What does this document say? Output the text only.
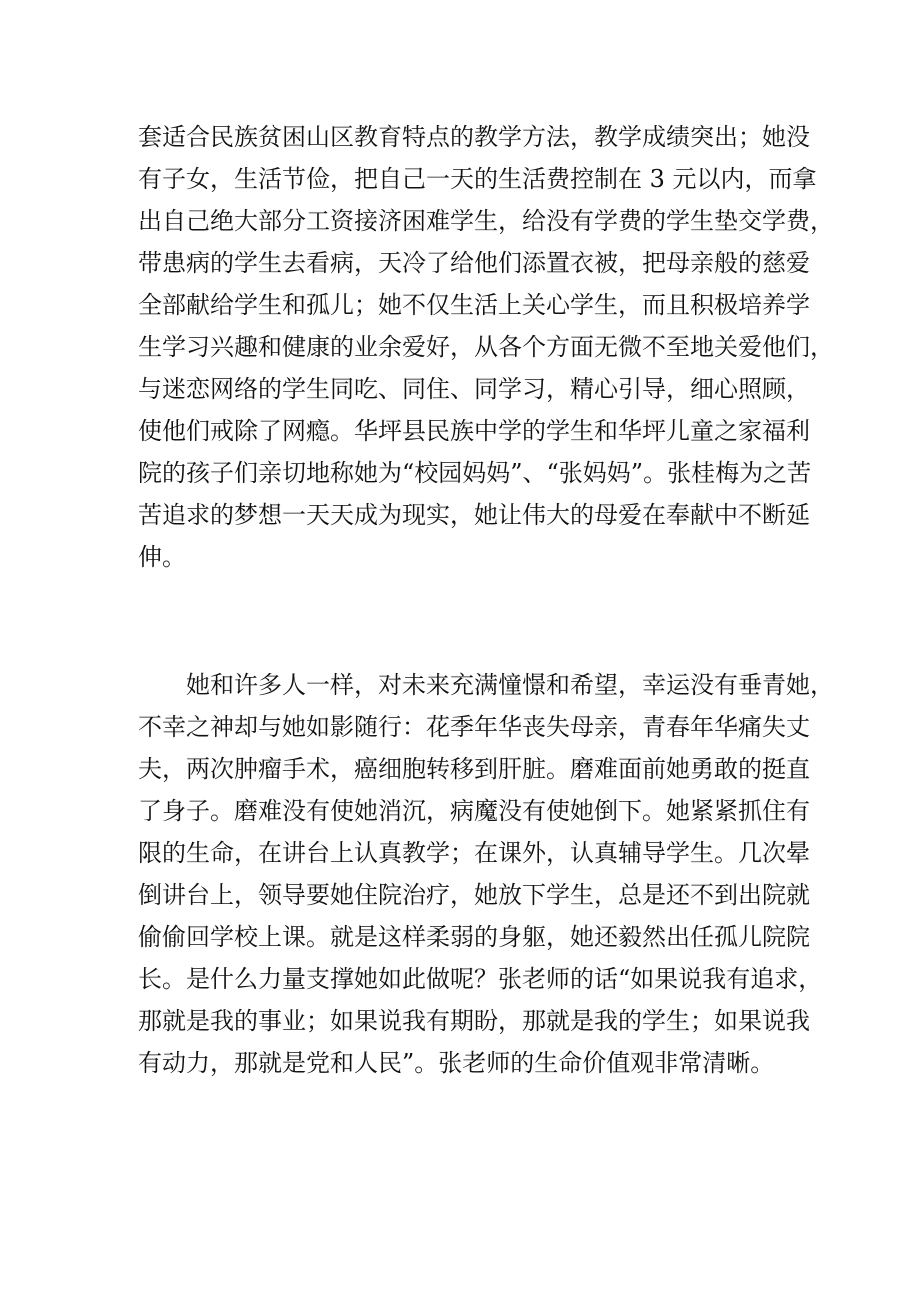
套适合民族贫困山区教育特点的教学方法，教学成绩突出；她没
有子女，生活节俭，把自己一天的生活费控制在 3 元以内，而拿
出自己绝大部分工资接济困难学生，给没有学费的学生垫交学费，
带患病的学生去看病，天冷了给他们添置衣被，把母亲般的慈爱
全部献给学生和孤儿；她不仅生活上关心学生，而且积极培养学
生学习兴趣和健康的业余爱好，从各个方面无微不至地关爱他们，
与迷恋网络的学生同吃、同住、同学习，精心引导，细心照顾，
使他们戒除了网瘾。华坪县民族中学的学生和华坪儿童之家福利
院的孩子们亲切地称她为“校园妈妈”、“张妈妈”。张桂梅为之苦
苦追求的梦想一天天成为现实，她让伟大的母爱在奉献中不断延
伸。
她和许多人一样，对未来充满憧憬和希望，幸运没有垂青她，
不幸之神却与她如影随行：花季年华丧失母亲，青春年华痛失丈
夫，两次肿瘤手术，癌细胞转移到肝脏。磨难面前她勇敢的挺直
了身子。磨难没有使她消沉，病魔没有使她倒下。她紧紧抓住有
限的生命，在讲台上认真教学；在课外，认真辅导学生。几次晕
倒讲台上，领导要她住院治疗，她放下学生，总是还不到出院就
偷偷回学校上课。就是这样柔弱的身躯，她还毅然出任孤儿院院
长。是什么力量支撑她如此做呢？张老师的话“如果说我有追求，
那就是我的事业；如果说我有期盼，那就是我的学生；如果说我
有动力，那就是党和人民”。张老师的生命价值观非常清晰。
